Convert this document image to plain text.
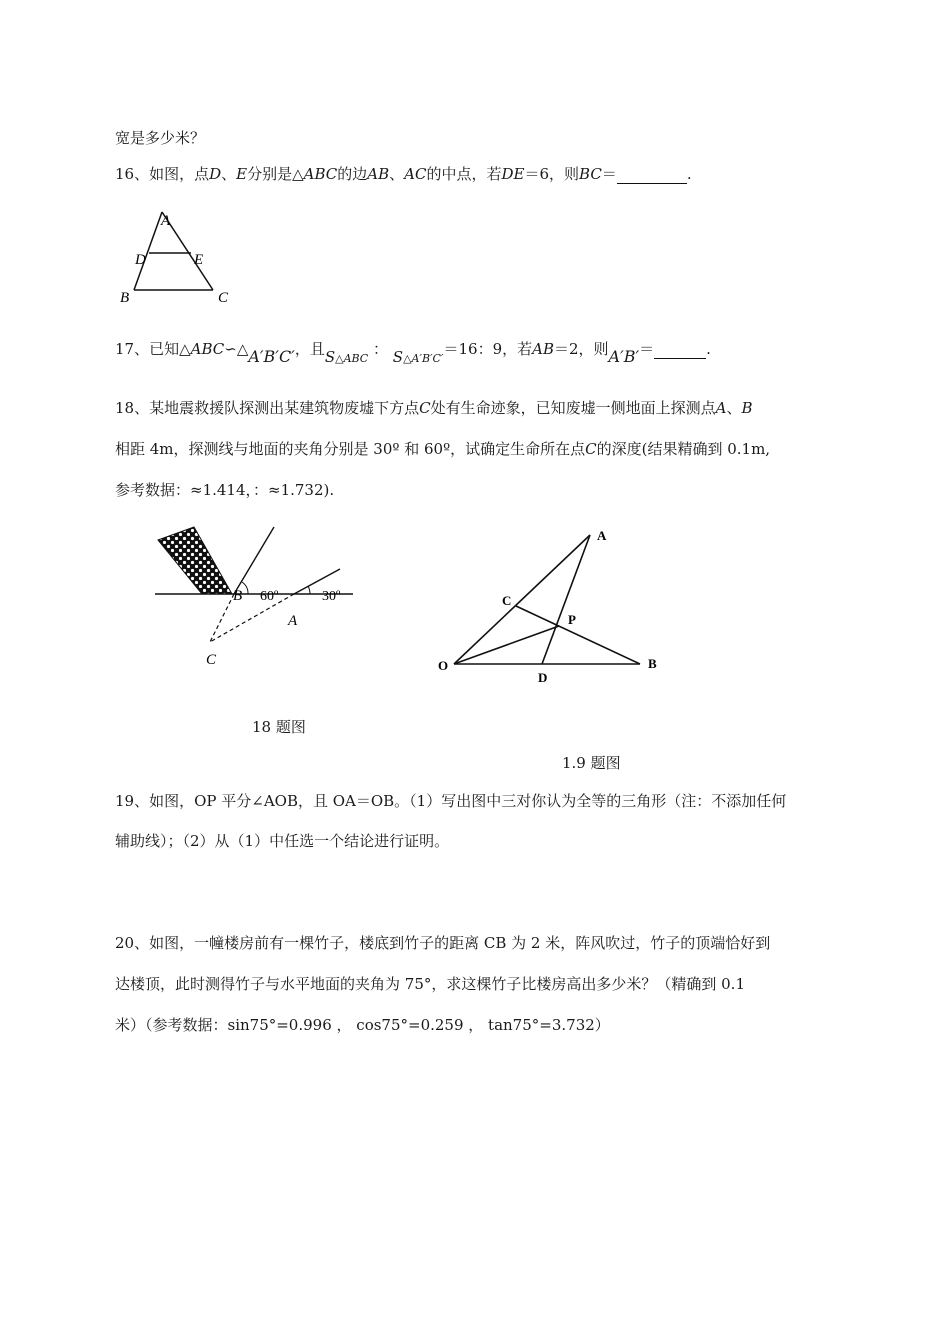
宽是多少米？
16、如图，点D、E分别是△ABC的边AB、AC的中点，若DE＝6，则BC＝	.
A
D	E
B	C
17、已知△ABC∽△A′B′C′，且S△ABC ： S△A′B′C′＝16：9，若AB＝2，则A′B′＝	.
18、某地震救援队探测出某建筑物废墟下方点C处有生命迹象，已知废墟一侧地面上探测点A、B
相距 4m，探测线与地面的夹角分别是 30º 和 60º，试确定生命所在点C的深度(结果精确到 0.1m,
参考数据：≈1.414，：≈1.732).
B 60º	30º
A
C
18 题图
A
C
P
O
D
B
1.9 题图
19、如图，OP 平分∠AOB，且 OA＝OB。（1）写出图中三对你认为全等的三角形（注：不添加任何
辅助线）；（2）从（1）中任选一个结论进行证明。
20、如图，一幢楼房前有一棵竹子，楼底到竹子的距离 CB 为 2 米，阵风吹过，竹子的顶端恰好到
达楼顶，此时测得竹子与水平地面的夹角为 75°，求这棵竹子比楼房高出多少米？（精确到 0.1
米）（参考数据：sin75°=0.996 ， cos75°=0.259 ， tan75°=3.732）
